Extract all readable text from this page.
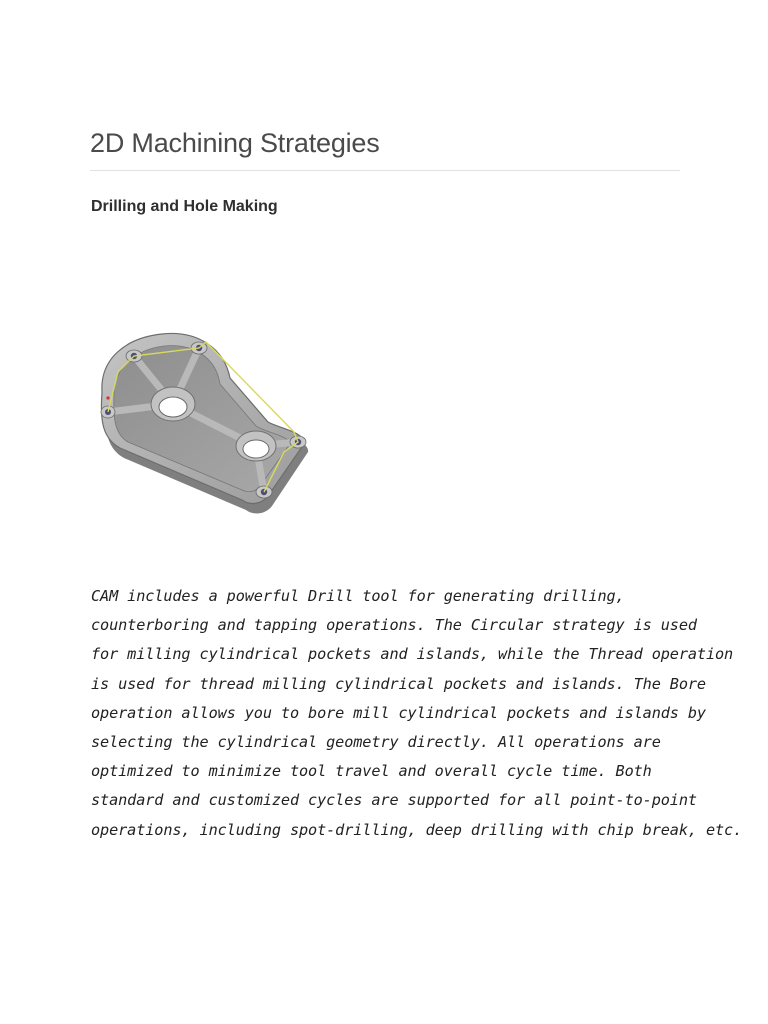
2D Machining Strategies
Drilling and Hole Making

CAM includes a powerful Drill tool for generating drilling,
counterboring and tapping operations. The Circular strategy is used
for milling cylindrical pockets and islands, while the Thread operation
is used for thread milling cylindrical pockets and islands. The Bore
operation allows you to bore mill cylindrical pockets and islands by
selecting the cylindrical geometry directly. All operations are
optimized to minimize tool travel and overall cycle time. Both
standard and customized cycles are supported for all point-to-point
operations, including spot-drilling, deep drilling with chip break, etc.
